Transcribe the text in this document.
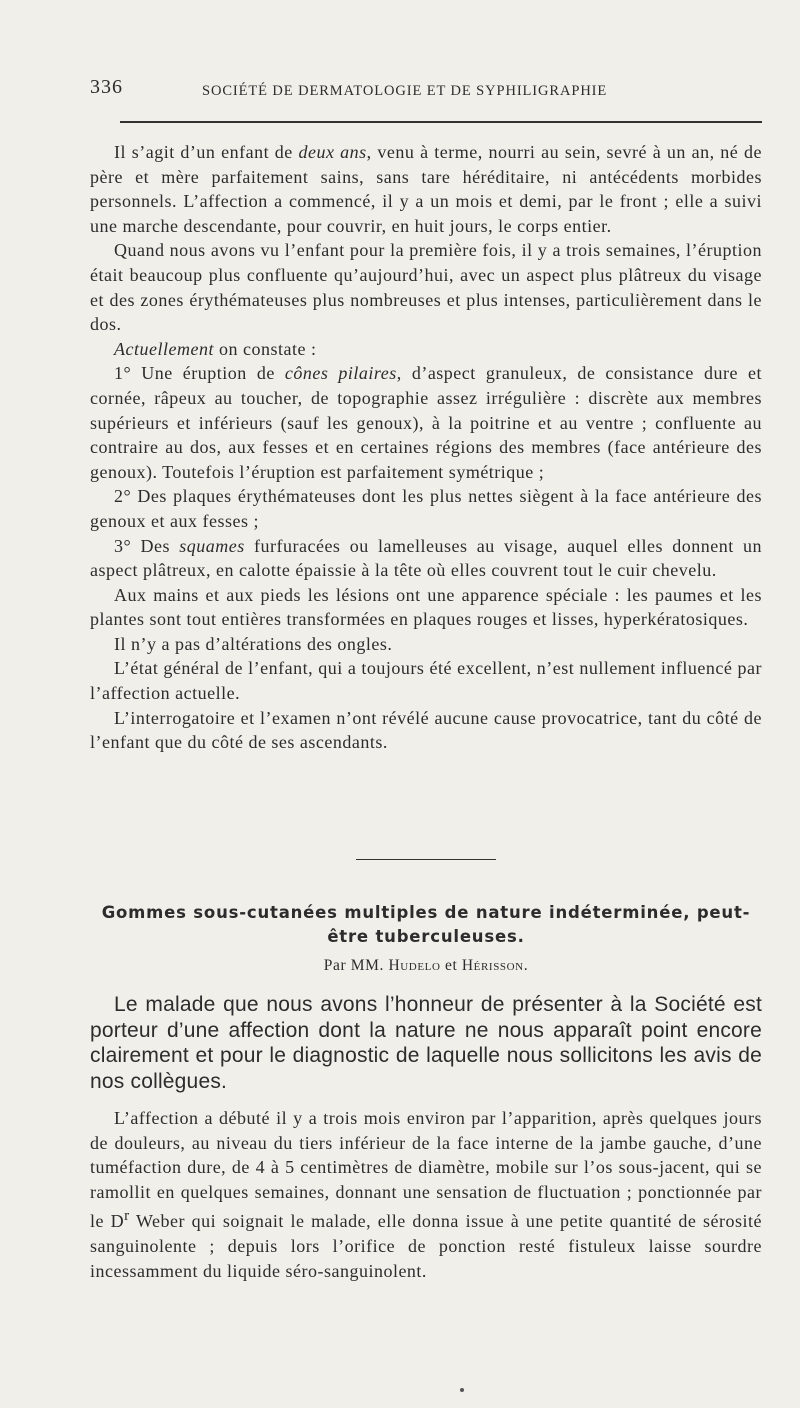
336	SOCIÉTÉ DE DERMATOLOGIE ET DE SYPHILIGRAPHIE

Il s’agit d’un enfant de deux ans, venu à terme, nourri au sein, sevré à un an, né de père et mère parfaitement sains, sans tare héréditaire, ni antécédents morbides personnels. L’affection a commencé, il y a un mois et demi, par le front ; elle a suivi une marche descendante, pour couvrir, en huit jours, le corps entier.

Quand nous avons vu l’enfant pour la première fois, il y a trois semaines, l’éruption était beaucoup plus confluente qu’aujourd’hui, avec un aspect plus plâtreux du visage et des zones érythémateuses plus nombreuses et plus intenses, particulièrement dans le dos.

Actuellement on constate :

1° Une éruption de cônes pilaires, d’aspect granuleux, de consistance dure et cornée, râpeux au toucher, de topographie assez irrégulière : discrète aux membres supérieurs et inférieurs (sauf les genoux), à la poitrine et au ventre ; confluente au contraire au dos, aux fesses et en certaines régions des membres (face antérieure des genoux). Toutefois l’éruption est parfaitement symétrique ;

2° Des plaques érythémateuses dont les plus nettes siègent à la face antérieure des genoux et aux fesses ;

3° Des squames furfuracées ou lamelleuses au visage, auquel elles donnent un aspect plâtreux, en calotte épaissie à la tête où elles couvrent tout le cuir chevelu.

Aux mains et aux pieds les lésions ont une apparence spéciale : les paumes et les plantes sont tout entières transformées en plaques rouges et lisses, hyperkératosiques.

Il n’y a pas d’altérations des ongles.

L’état général de l’enfant, qui a toujours été excellent, n’est nullement influencé par l’affection actuelle.

L’interrogatoire et l’examen n’ont révélé aucune cause provocatrice, tant du côté de l’enfant que du côté de ses ascendants.

Gommes sous-cutanées multiples de nature indéterminée, peut-être tuberculeuses.
Par MM. Hudelo et Hérisson.

Le malade que nous avons l’honneur de présenter à la Société est porteur d’une affection dont la nature ne nous apparaît point encore clairement et pour le diagnostic de laquelle nous sollicitons les avis de nos collègues.

L’affection a débuté il y a trois mois environ par l’apparition, après quelques jours de douleurs, au niveau du tiers inférieur de la face interne de la jambe gauche, d’une tuméfaction dure, de 4 à 5 centimètres de diamètre, mobile sur l’os sous-jacent, qui se ramollit en quelques semaines, donnant une sensation de fluctuation ; ponctionnée par le $D^r$ Weber qui soignait le malade, elle donna issue à une petite quantité de sérosité sanguinolente ; depuis lors l’orifice de ponction resté fistuleux laisse sourdre incessamment du liquide séro-sanguinolent.
